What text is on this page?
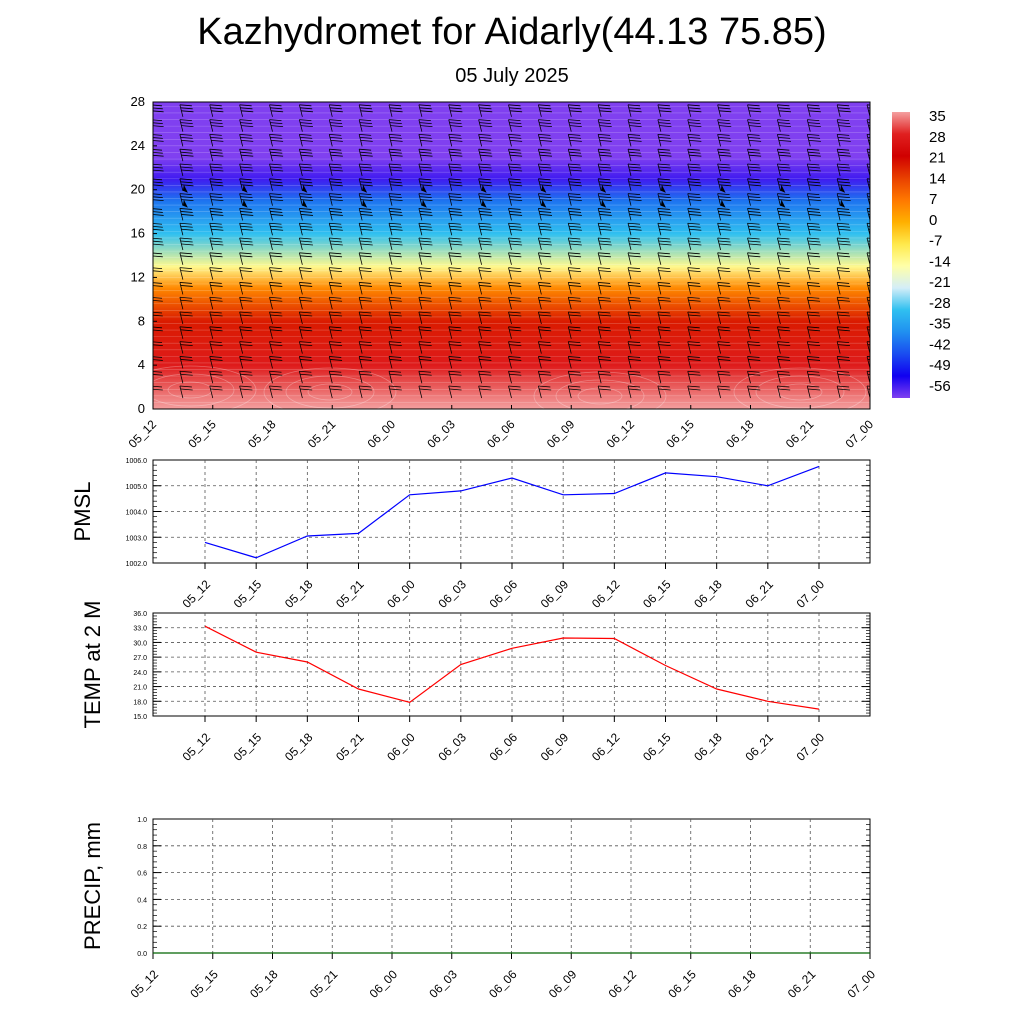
Kazhydromet for Aidarly(44.13 75.85)
05 July 2025
0
4
8
12
16
20
24
28
05_12 05_15 05_18 05_21 06_00 06_03 06_06 06_09 06_12 06_15 06_18 06_21 07_00
35
28
21
14
7
0
-7
-14
-21
-28
-35
-42
-49
-56
1002.0
1003.0
1004.0
1005.0
1006.0
05_12 05_15 05_18 05_21 06_00 06_03 06_06 06_09 06_12 06_15 06_18 06_21 07_00
PMSL
15.0
18.0
21.0
24.0
27.0
30.0
33.0
36.0
05_12 05_15 05_18 05_21 06_00 06_03 06_06 06_09 06_12 06_15 06_18 06_21 07_00
TEMP at 2 M
0.0
0.2
0.4
0.6
0.8
1.0
05_12 05_15 05_18 05_21 06_00 06_03 06_06 06_09 06_12 06_15 06_18 06_21 07_00
PRECIP, mm
